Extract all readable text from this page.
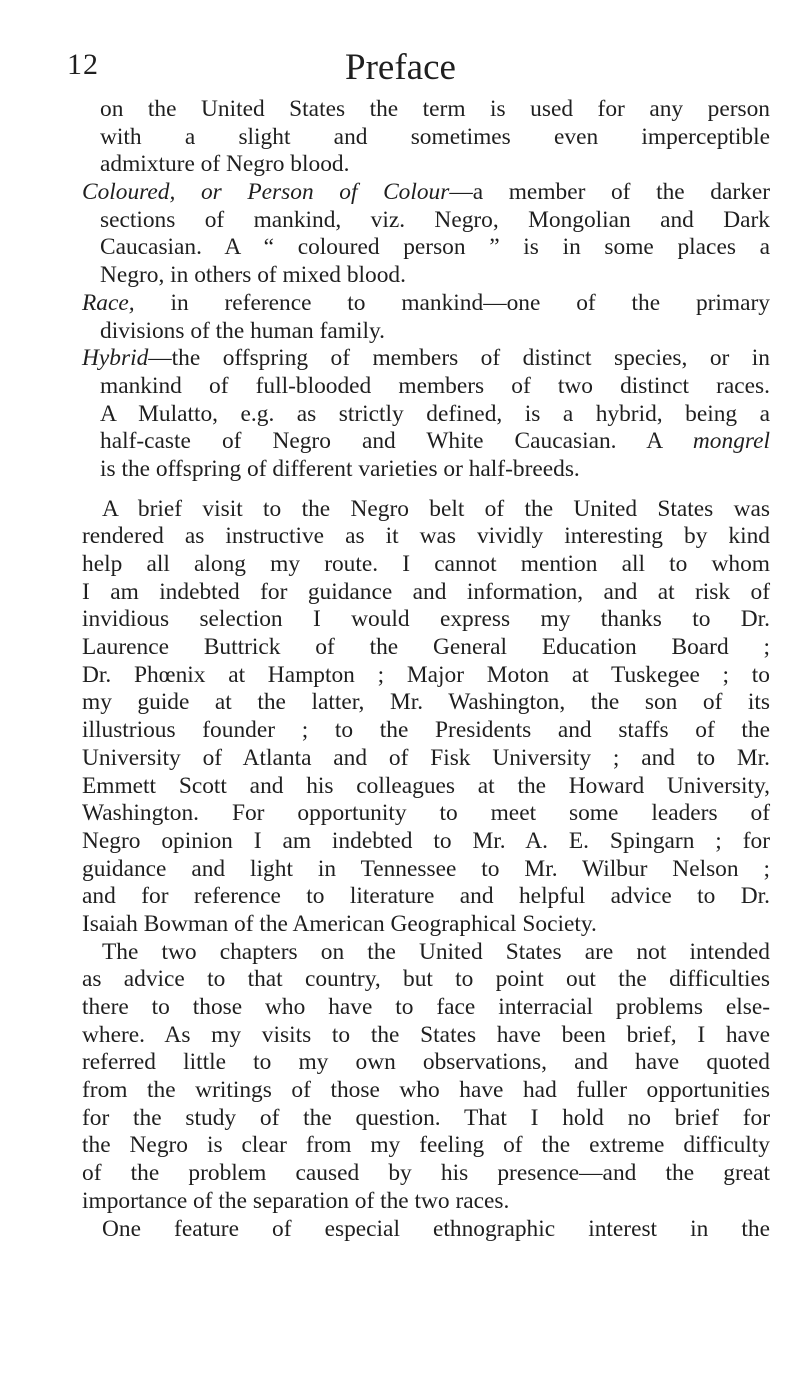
12	Preface
on the United States the term is used for any person
with a slight and sometimes even imperceptible
admixture of Negro blood.
Coloured, or Person of Colour—a member of the darker
sections of mankind, viz. Negro, Mongolian and Dark
Caucasian. A “ coloured person ” is in some places a
Negro, in others of mixed blood.
Race, in reference to mankind—one of the primary
divisions of the human family.
Hybrid—the offspring of members of distinct species, or in
mankind of full-blooded members of two distinct races.
A Mulatto, e.g. as strictly defined, is a hybrid, being a
half-caste of Negro and White Caucasian. A mongrel
is the offspring of different varieties or half-breeds.
A brief visit to the Negro belt of the United States was
rendered as instructive as it was vividly interesting by kind
help all along my route. I cannot mention all to whom
I am indebted for guidance and information, and at risk of
invidious selection I would express my thanks to Dr.
Laurence Buttrick of the General Education Board ;
Dr. Phœnix at Hampton ; Major Moton at Tuskegee ; to
my guide at the latter, Mr. Washington, the son of its
illustrious founder ; to the Presidents and staffs of the
University of Atlanta and of Fisk University ; and to Mr.
Emmett Scott and his colleagues at the Howard University,
Washington. For opportunity to meet some leaders of
Negro opinion I am indebted to Mr. A. E. Spingarn ; for
guidance and light in Tennessee to Mr. Wilbur Nelson ;
and for reference to literature and helpful advice to Dr.
Isaiah Bowman of the American Geographical Society.
The two chapters on the United States are not intended
as advice to that country, but to point out the difficulties
there to those who have to face interracial problems else-
where. As my visits to the States have been brief, I have
referred little to my own observations, and have quoted
from the writings of those who have had fuller opportunities
for the study of the question. That I hold no brief for
the Negro is clear from my feeling of the extreme difficulty
of the problem caused by his presence—and the great
importance of the separation of the two races.
One feature of especial ethnographic interest in the
